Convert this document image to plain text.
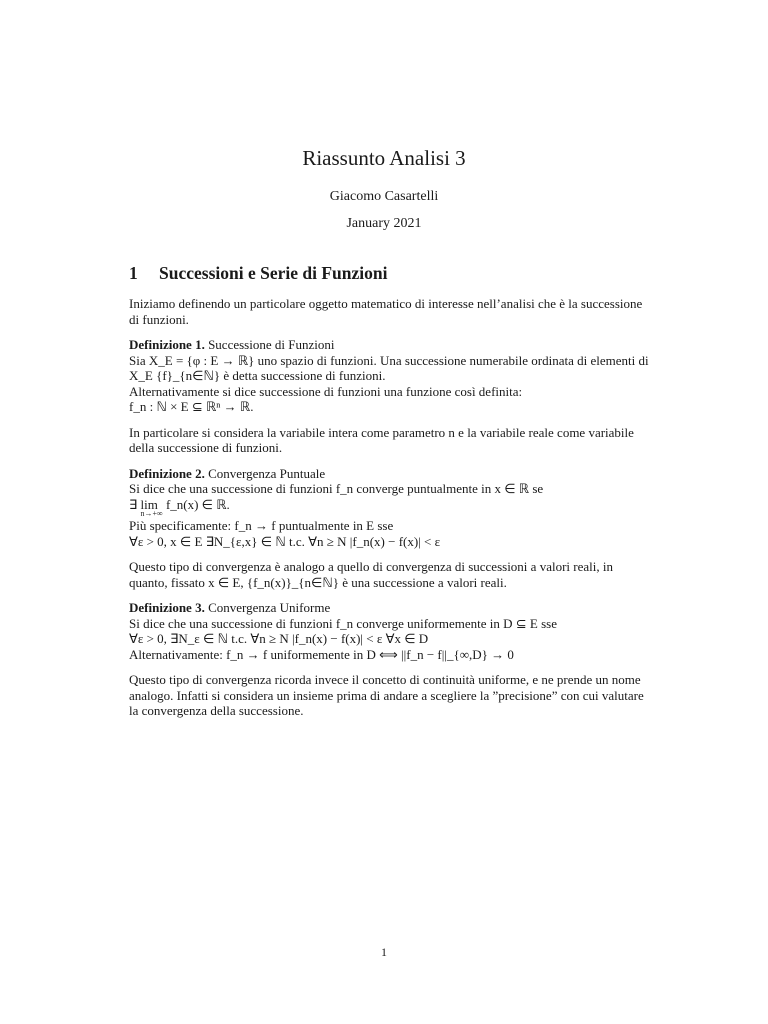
Riassunto Analisi 3
Giacomo Casartelli
January 2021
1 Successioni e Serie di Funzioni

Iniziamo definendo un particolare oggetto matematico di interesse nell’analisi che è la successione di funzioni.

Definizione 1. Successione di Funzioni
Sia X_E = {φ : E → ℝ} uno spazio di funzioni. Una successione numerabile ordinata di elementi di X_E {f}_{n∈ℕ} è detta successione di funzioni.
Alternativamente si dice successione di funzioni una funzione così definita:
f_n : ℕ × E ⊆ ℝⁿ → ℝ.

In particolare si considera la variabile intera come parametro n e la variabile reale come variabile della successione di funzioni.

Definizione 2. Convergenza Puntuale
Si dice che una successione di funzioni f_n converge puntualmente in x ∈ ℝ se
∃ lim
n→+∞
f_n(x) ∈ ℝ.
Più specificamente: f_n → f puntualmente in E sse
∀ε > 0, x ∈ E ∃N_{ε,x} ∈ ℕ t.c. ∀n ≥ N |f_n(x) − f(x)| < ε

Questo tipo di convergenza è analogo a quello di convergenza di successioni a valori reali, in quanto, fissato x ∈ E, {f_n(x)}_{n∈ℕ} è una successione a valori reali.

Definizione 3. Convergenza Uniforme
Si dice che una successione di funzioni f_n converge uniformemente in D ⊆ E sse
∀ε > 0, ∃N_ε ∈ ℕ t.c. ∀n ≥ N |f_n(x) − f(x)| < ε ∀x ∈ D
Alternativamente: f_n → f uniformemente in D ⟺ ||f_n − f||_{∞,D} → 0

Questo tipo di convergenza ricorda invece il concetto di continuità uniforme, e ne prende un nome analogo. Infatti si considera un insieme prima di andare a scegliere la ”precisione” con cui valutare la convergenza della successione.

1
